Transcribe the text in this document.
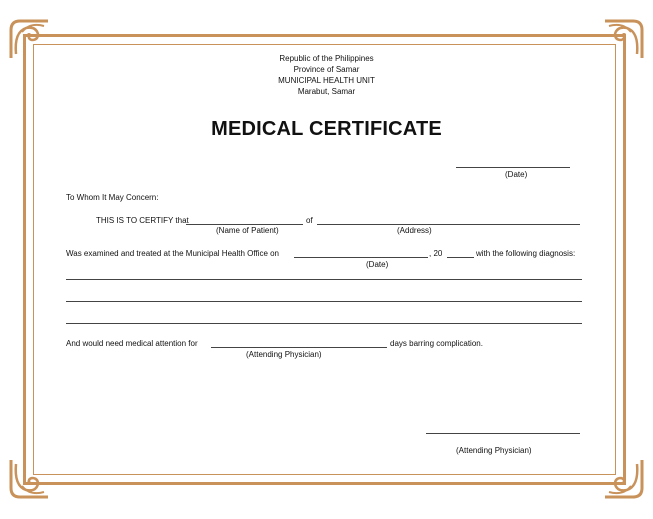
Republic of the Philippines
Province of Samar
MUNICIPAL HEALTH UNIT
Marabut, Samar
MEDICAL CERTIFICATE
(Date)
To Whom It May Concern:
THIS IS TO CERTIFY that	of
(Name of Patient)	(Address)
Was examined and treated at the Municipal Health Office on	, 20	with the following diagnosis:
(Date)
And would need medical attention for	days barring complication.
(Attending Physician)
(Attending Physician)
